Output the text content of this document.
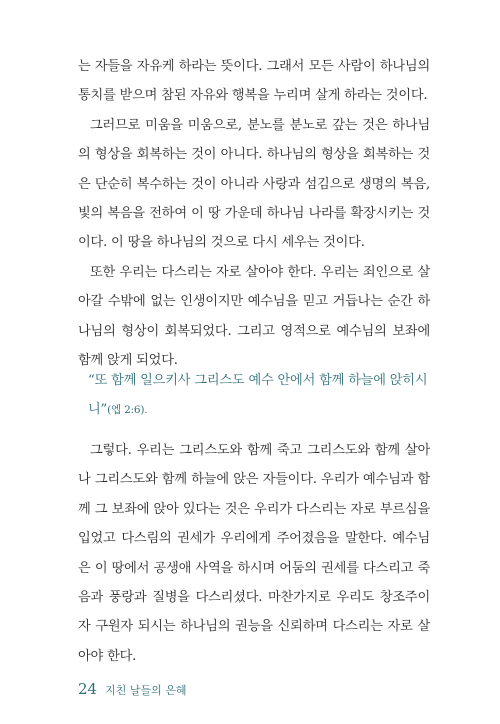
는 자들을 자유케 하라는 뜻이다. 그래서 모든 사람이 하나님의 통치를 받으며 참된 자유와 행복을 누리며 살게 하라는 것이다.

그러므로 미움을 미움으로, 분노를 분노로 갚는 것은 하나님의 형상을 회복하는 것이 아니다. 하나님의 형상을 회복하는 것은 단순히 복수하는 것이 아니라 사랑과 섬김으로 생명의 복음, 빛의 복음을 전하여 이 땅 가운데 하나님 나라를 확장시키는 것이다. 이 땅을 하나님의 것으로 다시 세우는 것이다.

또한 우리는 다스리는 자로 살아야 한다. 우리는 죄인으로 살아갈 수밖에 없는 인생이지만 예수님을 믿고 거듭나는 순간 하나님의 형상이 회복되었다. 그리고 영적으로 예수님의 보좌에 함께 앉게 되었다.

“또 함께 일으키사 그리스도 예수 안에서 함께 하늘에 앉히시니”(엡 2:6).

그렇다. 우리는 그리스도와 함께 죽고 그리스도와 함께 살아나 그리스도와 함께 하늘에 앉은 자들이다. 우리가 예수님과 함께 그 보좌에 앉아 있다는 것은 우리가 다스리는 자로 부르심을 입었고 다스림의 권세가 우리에게 주어졌음을 말한다. 예수님은 이 땅에서 공생애 사역을 하시며 어둠의 권세를 다스리고 죽음과 풍랑과 질병을 다스리셨다. 마찬가지로 우리도 창조주이자 구원자 되시는 하나님의 권능을 신뢰하며 다스리는 자로 살아야 한다.

24 지친 날들의 은혜
